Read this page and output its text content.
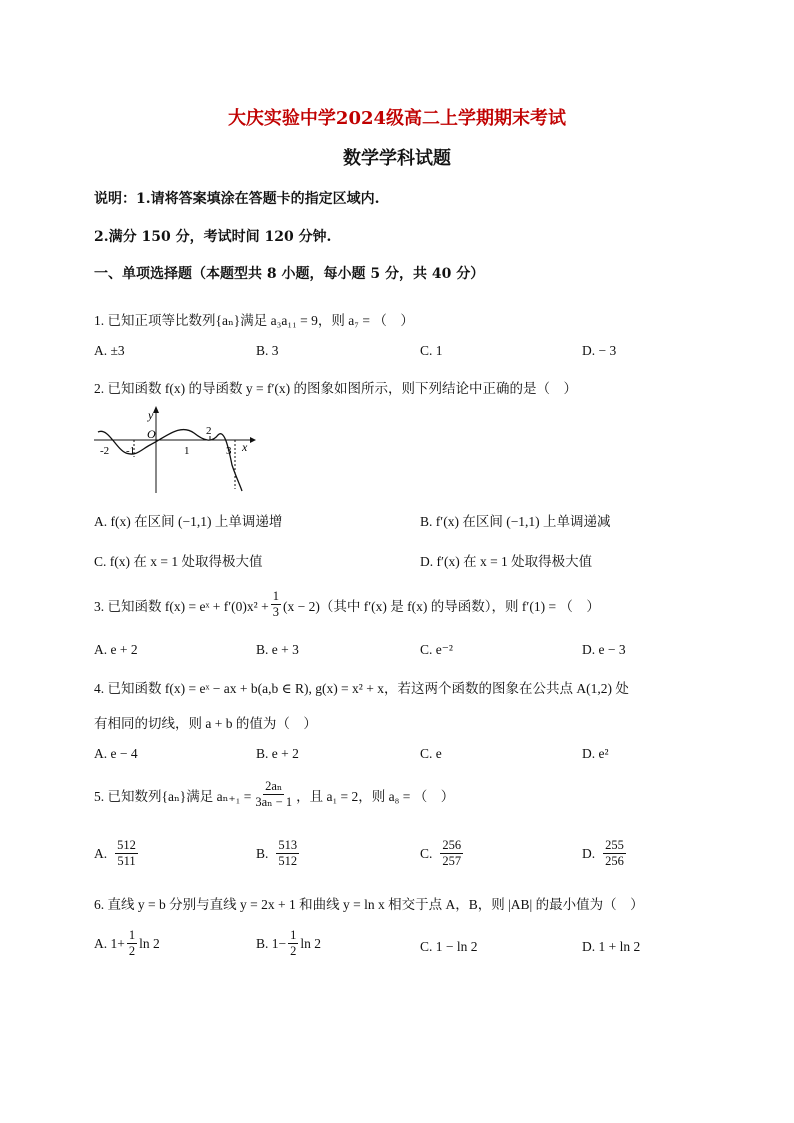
大庆实验中学2024级高二上学期期末考试
数学学科试题
说明：1.请将答案填涂在答题卡的指定区域内.
2.满分 150 分，考试时间 120 分钟.
一、单项选择题（本题型共 8 小题，每小题 5 分，共 40 分）
1. 已知正项等比数列{aₙ}满足 a₃a₁₁ = 9，则 a₇ = （　）
A. ±3	B. 3	C. 1	D. − 3
2. 已知函数 f(x) 的导函数 y = f′(x) 的图象如图所示，则下列结论中正确的是（　）
y
O
-2 -1	1
2
3 x
A. f(x) 在区间 (−1,1) 上单调递增	B. f′(x) 在区间 (−1,1) 上单调递减
C. f(x) 在 x = 1 处取得极大值	D. f′(x) 在 x = 1 处取得极大值
3. 已知函数 f(x) = eˣ + $f'(0)x^2 + \frac{1}{3} (x - 2)$（其中 f′(x) 是 f(x) 的导函数），则 f′(1) = （　）
A. e + 2	B. e + 3	C. e⁻²	D. e − 3
4. 已知函数 f(x) = eˣ − ax + b(a,b ∈ R), g(x) = x² + x，若这两个函数的图象在公共点 A(1,2) 处
有相同的切线，则 a + b 的值为（　）
A. e − 4	B. e + 2	C. e	D. e²
5. 已知数列{aₙ}满足 $a_{n+1} = \frac{\text{2aₙ}}{\text{3aₙ − 1}}$ ，且 a₁ = 2，则 a₈ = （　）
A. $\frac{512}{511}$	B. $\frac{513}{512}$	C. $\frac{256}{257}$	D. $\frac{255}{256}$
6. 直线 y = b 分别与直线 y = 2x + 1 和曲线 y = ln x 相交于点 A，B，则 |AB| 的最小值为（　）
A. $1+ \frac{1}{2}$ ln 2	B. $1- \frac{1}{2}$ ln 2	C. 1 − ln 2	D. 1 + ln 2
